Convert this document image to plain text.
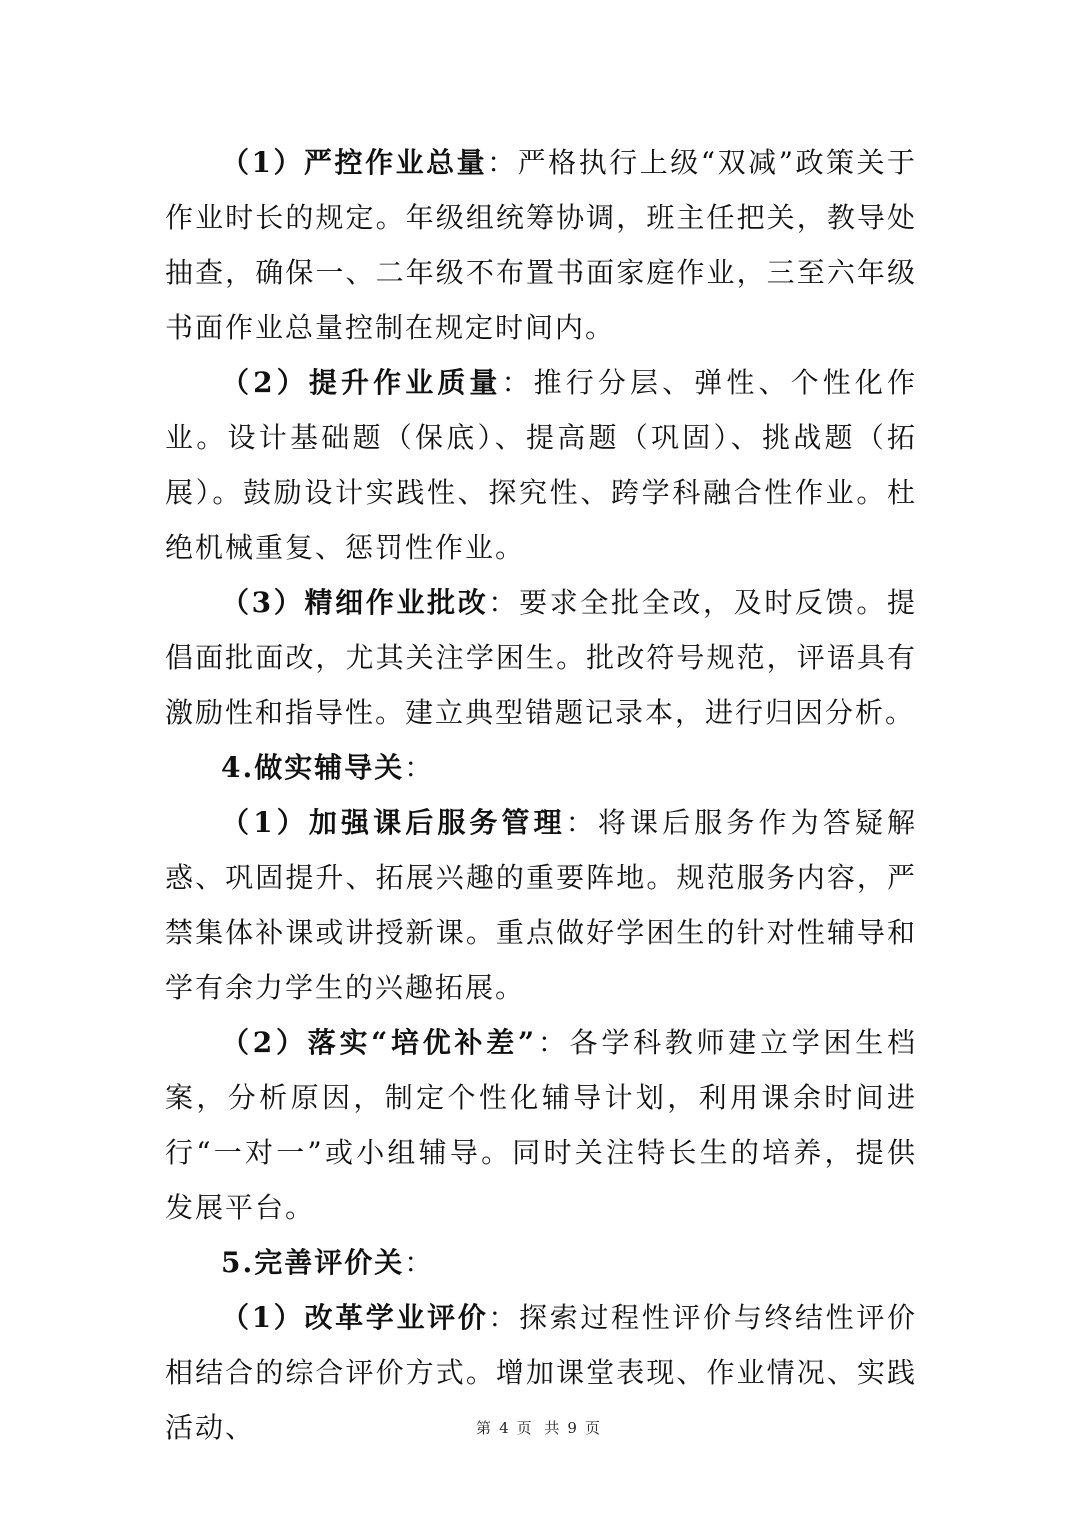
（1）严控作业总量：严格执行上级“双减”政策关于作业时长的规定。年级组统筹协调，班主任把关，教导处抽查，确保一、二年级不布置书面家庭作业，三至六年级书面作业总量控制在规定时间内。

（2）提升作业质量：推行分层、弹性、个性化作业。设计基础题（保底）、提高题（巩固）、挑战题（拓展）。鼓励设计实践性、探究性、跨学科融合性作业。杜绝机械重复、惩罚性作业。

（3）精细作业批改：要求全批全改，及时反馈。提倡面批面改，尤其关注学困生。批改符号规范，评语具有激励性和指导性。建立典型错题记录本，进行归因分析。

4.做实辅导关：

（1）加强课后服务管理：将课后服务作为答疑解惑、巩固提升、拓展兴趣的重要阵地。规范服务内容，严禁集体补课或讲授新课。重点做好学困生的针对性辅导和学有余力学生的兴趣拓展。

（2）落实“培优补差”：各学科教师建立学困生档案，分析原因，制定个性化辅导计划，利用课余时间进行“一对一”或小组辅导。同时关注特长生的培养，提供发展平台。

5.完善评价关：

（1）改革学业评价：探索过程性评价与终结性评价相结合的综合评价方式。增加课堂表现、作业情况、实践活动、	第 4 页 共 9 页
